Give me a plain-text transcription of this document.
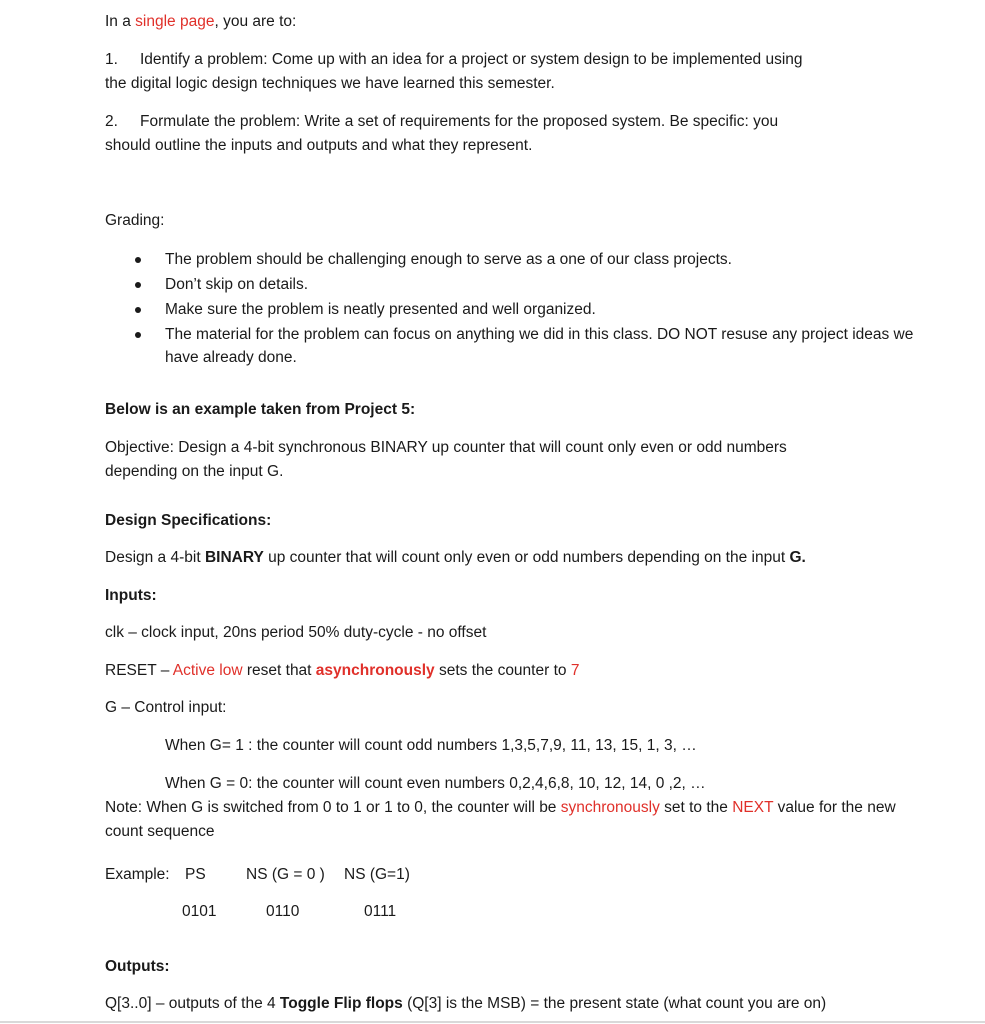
In a single page, you are to:
1. Identify a problem: Come up with an idea for a project or system design to be implemented using
the digital logic design techniques we have learned this semester.
2. Formulate the problem: Write a set of requirements for the proposed system. Be specific: you
should outline the inputs and outputs and what they represent.
Grading:
The problem should be challenging enough to serve as a one of our class projects.
Don’t skip on details.
Make sure the problem is neatly presented and well organized.
The material for the problem can focus on anything we did in this class. DO NOT resuse any project ideas we
have already done.
Below is an example taken from Project 5:
Objective: Design a 4-bit synchronous BINARY up counter that will count only even or odd numbers
depending on the input G.
Design Specifications:
Design a 4-bit BINARY up counter that will count only even or odd numbers depending on the input G.
Inputs:
clk – clock input, 20ns period 50% duty-cycle - no offset
RESET – Active low reset that asynchronously sets the counter to 7
G – Control input:
When G= 1 : the counter will count odd numbers 1,3,5,7,9, 11, 13, 15, 1, 3, …
When G = 0: the counter will count even numbers 0,2,4,6,8, 10, 12, 14, 0 ,2, …
Note: When G is switched from 0 to 1 or 1 to 0, the counter will be synchronously set to the NEXT value for the new
count sequence
Example: PS	NS (G = 0 ) NS (G=1)
0101	0110	0111
Outputs:
Q[3..0] – outputs of the 4 Toggle Flip flops (Q[3] is the MSB) = the present state (what count you are on)
